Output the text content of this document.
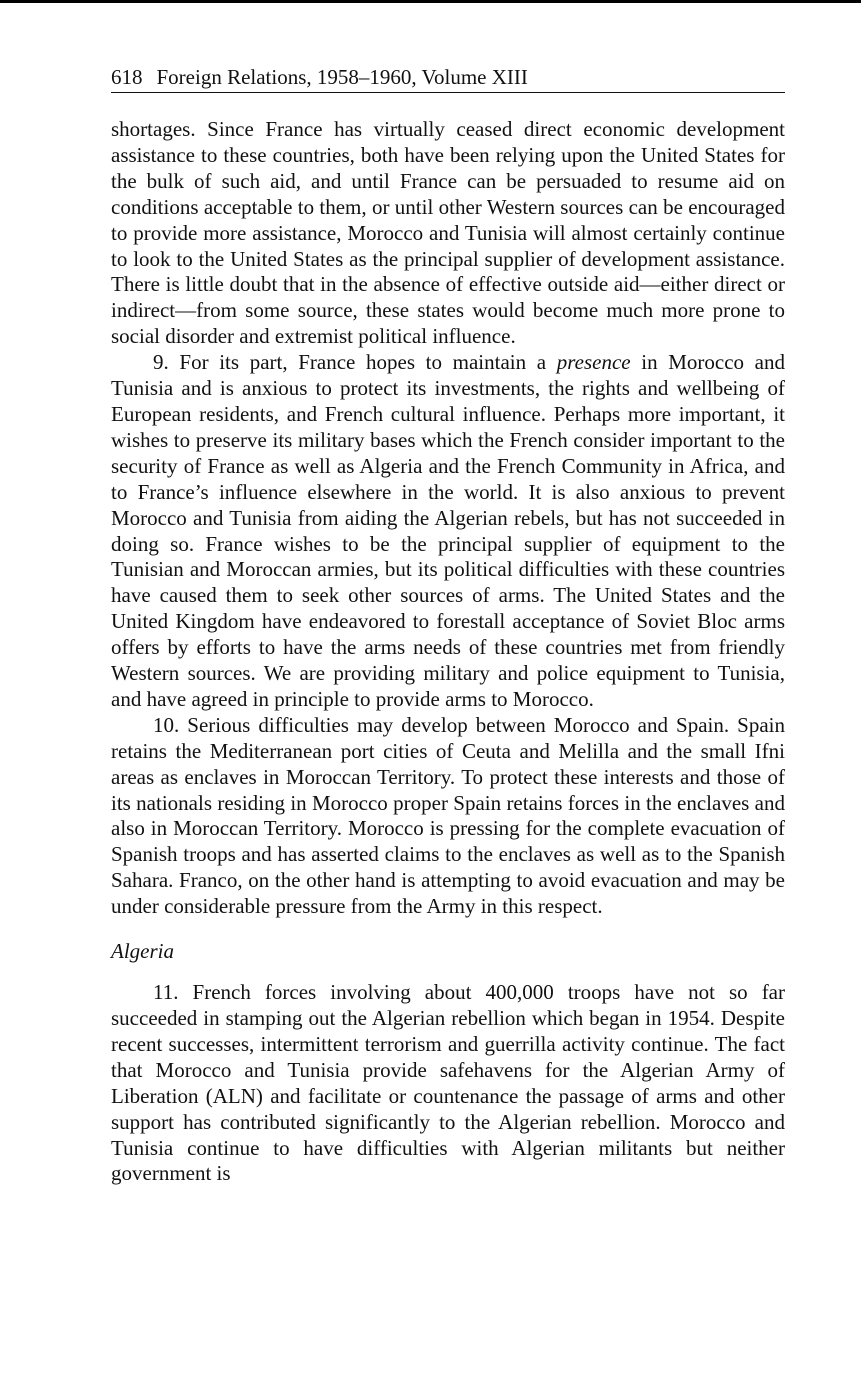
618 Foreign Relations, 1958–1960, Volume XIII

shortages. Since France has virtually ceased direct economic development assistance to these countries, both have been relying upon the United States for the bulk of such aid, and until France can be persuaded to resume aid on conditions acceptable to them, or until other Western sources can be encouraged to provide more assistance, Morocco and Tunisia will almost certainly continue to look to the United States as the principal supplier of development assistance. There is little doubt that in the absence of effective outside aid—either direct or indirect—from some source, these states would become much more prone to social disorder and extremist political influence.

9. For its part, France hopes to maintain a presence in Morocco and Tunisia and is anxious to protect its investments, the rights and wellbeing of European residents, and French cultural influence. Perhaps more important, it wishes to preserve its military bases which the French consider important to the security of France as well as Algeria and the French Community in Africa, and to France’s influence elsewhere in the world. It is also anxious to prevent Morocco and Tunisia from aiding the Algerian rebels, but has not succeeded in doing so. France wishes to be the principal supplier of equipment to the Tunisian and Moroccan armies, but its political difficulties with these countries have caused them to seek other sources of arms. The United States and the United Kingdom have endeavored to forestall acceptance of Soviet Bloc arms offers by efforts to have the arms needs of these countries met from friendly Western sources. We are providing military and police equipment to Tunisia, and have agreed in principle to provide arms to Morocco.

10. Serious difficulties may develop between Morocco and Spain. Spain retains the Mediterranean port cities of Ceuta and Melilla and the small Ifni areas as enclaves in Moroccan Territory. To protect these interests and those of its nationals residing in Morocco proper Spain retains forces in the enclaves and also in Moroccan Territory. Morocco is pressing for the complete evacuation of Spanish troops and has asserted claims to the enclaves as well as to the Spanish Sahara. Franco, on the other hand is attempting to avoid evacuation and may be under considerable pressure from the Army in this respect.

Algeria

11. French forces involving about 400,000 troops have not so far succeeded in stamping out the Algerian rebellion which began in 1954. Despite recent successes, intermittent terrorism and guerrilla activity continue. The fact that Morocco and Tunisia provide safehavens for the Algerian Army of Liberation (ALN) and facilitate or countenance the passage of arms and other support has contributed significantly to the Algerian rebellion. Morocco and Tunisia continue to have difficulties with Algerian militants but neither government is
